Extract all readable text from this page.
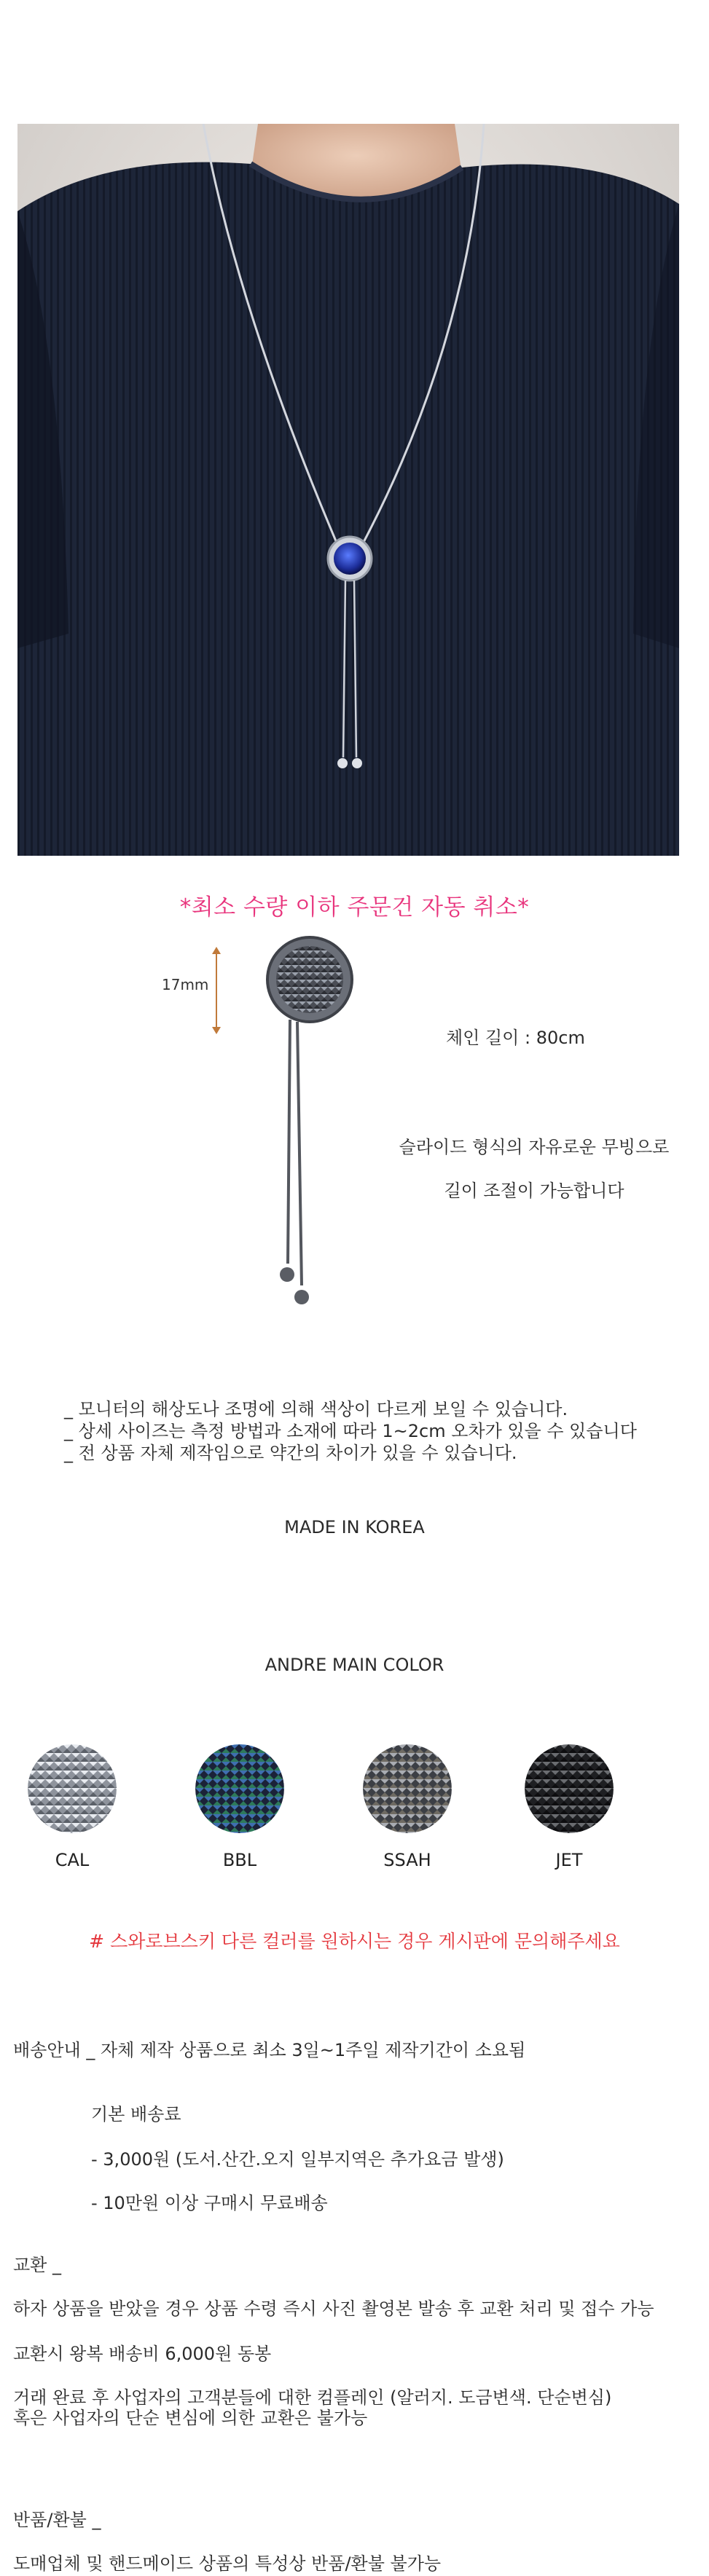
*최소 수량 이하 주문건 자동 취소*
17mm
체인 길이 : 80cm
슬라이드 형식의 자유로운 무빙으로
길이 조절이 가능합니다
_ 모니터의 해상도나 조명에 의해 색상이 다르게 보일 수 있습니다.
_ 상세 사이즈는 측정 방법과 소재에 따라 1~2cm 오차가 있을 수 있습니다
_ 전 상품 자체 제작임으로 약간의 차이가 있을 수 있습니다.
MADE IN KOREA
ANDRE MAIN COLOR
CAL	BBL	SSAH	JET
# 스와로브스키 다른 컬러를 원하시는 경우 게시판에 문의해주세요
배송안내 _ 자체 제작 상품으로 최소 3일~1주일 제작기간이 소요됨
기본 배송료
- 3,000원 (도서.산간.오지 일부지역은 추가요금 발생)
- 10만원 이상 구매시 무료배송
교환 _
하자 상품을 받았을 경우 상품 수령 즉시 사진 촬영본 발송 후 교환 처리 및 접수 가능
교환시 왕복 배송비 6,000원 동봉
거래 완료 후 사업자의 고객분들에 대한 컴플레인 (알러지. 도금변색. 단순변심)
혹은 사업자의 단순 변심에 의한 교환은 불가능
반품/환불 _
도매업체 및 핸드메이드 상품의 특성상 반품/환불 불가능
